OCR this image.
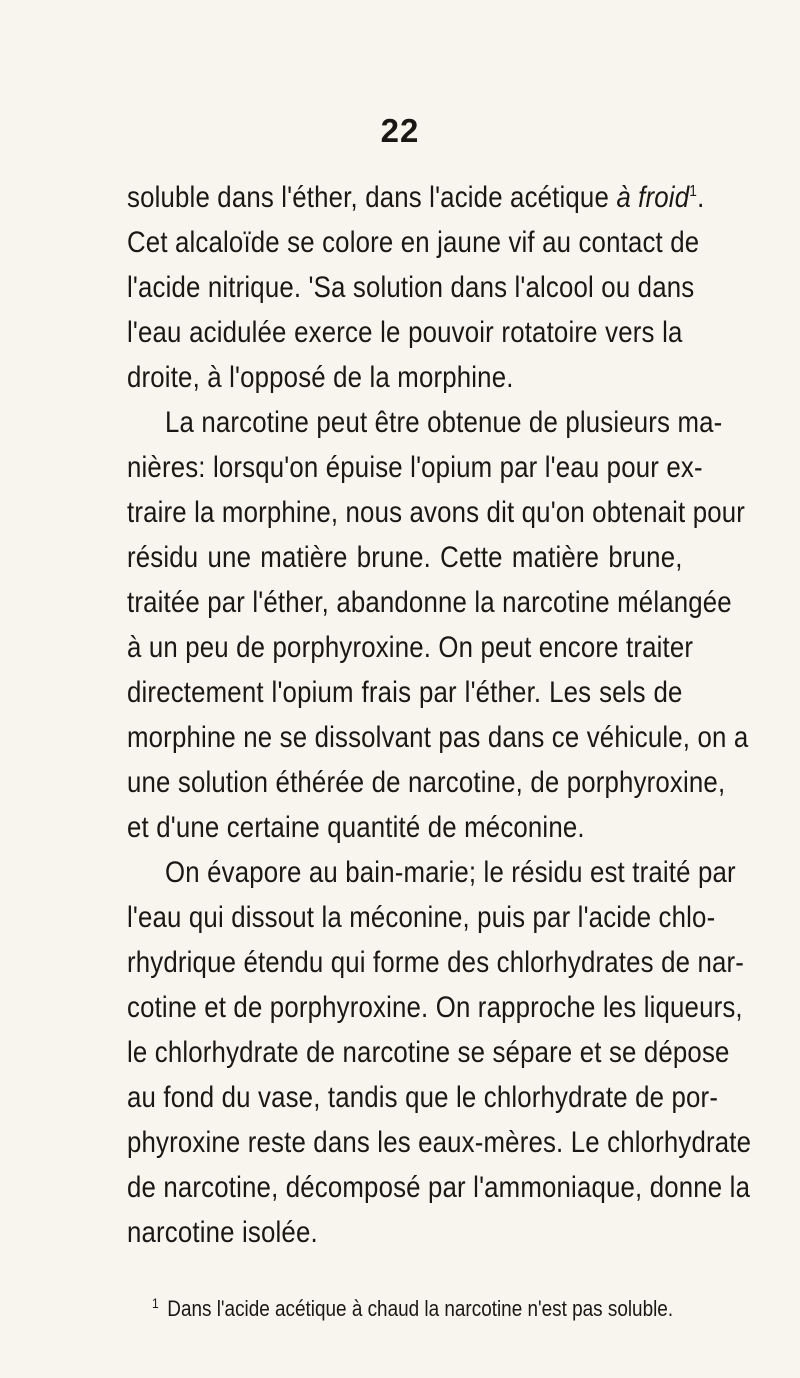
22
soluble dans l'éther, dans l'acide acétique à froid$^1$.
Cet alcaloïde se colore en jaune vif au contact de
l'acide nitrique. 'Sa solution dans l'alcool ou dans
l'eau acidulée exerce le pouvoir rotatoire vers la
droite, à l'opposé de la morphine.
La narcotine peut être obtenue de plusieurs ma-
nières: lorsqu'on épuise l'opium par l'eau pour ex-
traire la morphine, nous avons dit qu'on obtenait pour
résidu une matière brune. Cette matière brune,
traitée par l'éther, abandonne la narcotine mélangée
à un peu de porphyroxine. On peut encore traiter
directement l'opium frais par l'éther. Les sels de
morphine ne se dissolvant pas dans ce véhicule, on a
une solution éthérée de narcotine, de porphyroxine,
et d'une certaine quantité de méconine.
On évapore au bain-marie; le résidu est traité par
l'eau qui dissout la méconine, puis par l'acide chlo-
rhydrique étendu qui forme des chlorhydrates de nar-
cotine et de porphyroxine. On rapproche les liqueurs,
le chlorhydrate de narcotine se sépare et se dépose
au fond du vase, tandis que le chlorhydrate de por-
phyroxine reste dans les eaux-mères. Le chlorhydrate
de narcotine, décomposé par l'ammoniaque, donne la
narcotine isolée.
$^1$ Dans l'acide acétique à chaud la narcotine n'est pas soluble.
